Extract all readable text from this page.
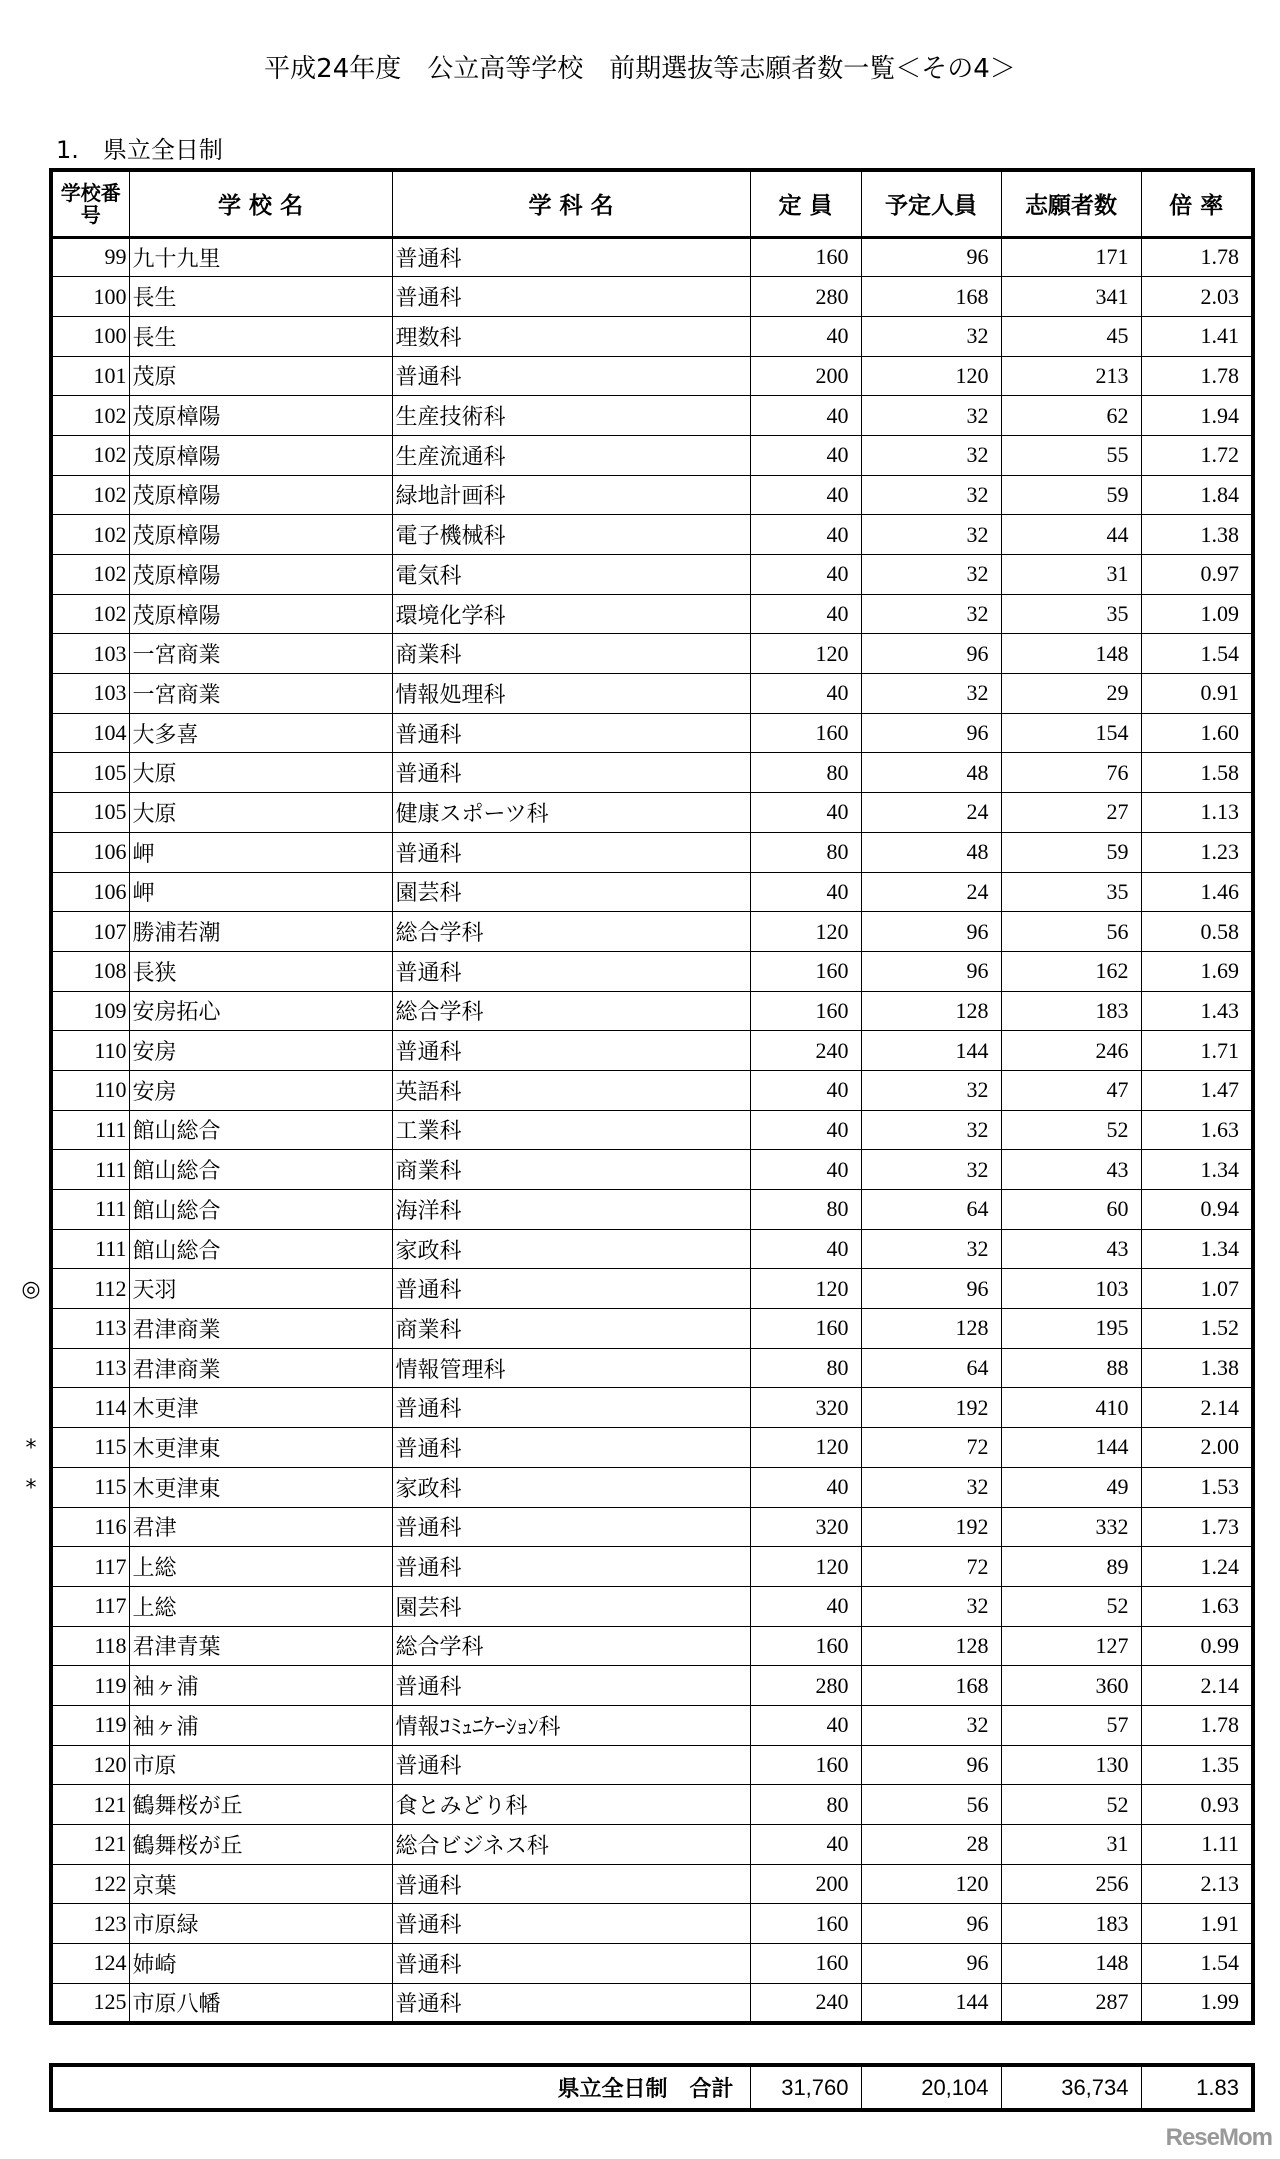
平成24年度　公立高等学校　前期選抜等志願者数一覧＜その4＞
1.　県立全日制
学校番号	学 校 名	学 科 名	定 員	予定人員	志願者数	倍 率
99	九十九里	普通科	160	96	171	1.78
100	長生	普通科	280	168	341	2.03
100	長生	理数科	40	32	45	1.41
101	茂原	普通科	200	120	213	1.78
102	茂原樟陽	生産技術科	40	32	62	1.94
102	茂原樟陽	生産流通科	40	32	55	1.72
102	茂原樟陽	緑地計画科	40	32	59	1.84
102	茂原樟陽	電子機械科	40	32	44	1.38
102	茂原樟陽	電気科	40	32	31	0.97
102	茂原樟陽	環境化学科	40	32	35	1.09
103	一宮商業	商業科	120	96	148	1.54
103	一宮商業	情報処理科	40	32	29	0.91
104	大多喜	普通科	160	96	154	1.60
105	大原	普通科	80	48	76	1.58
105	大原	健康スポーツ科	40	24	27	1.13
106	岬	普通科	80	48	59	1.23
106	岬	園芸科	40	24	35	1.46
107	勝浦若潮	総合学科	120	96	56	0.58
108	長狭	普通科	160	96	162	1.69
109	安房拓心	総合学科	160	128	183	1.43
110	安房	普通科	240	144	246	1.71
110	安房	英語科	40	32	47	1.47
111	館山総合	工業科	40	32	52	1.63
111	館山総合	商業科	40	32	43	1.34
111	館山総合	海洋科	80	64	60	0.94
111	館山総合	家政科	40	32	43	1.34
112	天羽	普通科	120	96	103	1.07
113	君津商業	商業科	160	128	195	1.52
113	君津商業	情報管理科	80	64	88	1.38
114	木更津	普通科	320	192	410	2.14
115	木更津東	普通科	120	72	144	2.00
115	木更津東	家政科	40	32	49	1.53
116	君津	普通科	320	192	332	1.73
117	上総	普通科	120	72	89	1.24
117	上総	園芸科	40	32	52	1.63
118	君津青葉	総合学科	160	128	127	0.99
119	袖ヶ浦	普通科	280	168	360	2.14
119	袖ヶ浦	情報ｺﾐｭﾆｹｰｼｮﾝ科	40	32	57	1.78
120	市原	普通科	160	96	130	1.35
121	鶴舞桜が丘	食とみどり科	80	56	52	0.93
121	鶴舞桜が丘	総合ビジネス科	40	28	31	1.11
122	京葉	普通科	200	120	256	2.13
123	市原緑	普通科	160	96	183	1.91
124	姉崎	普通科	160	96	148	1.54
125	市原八幡	普通科	240	144	287	1.99
◎
*
*
県立全日制　合計	31,760	20,104	36,734	1.83
ReseMom
